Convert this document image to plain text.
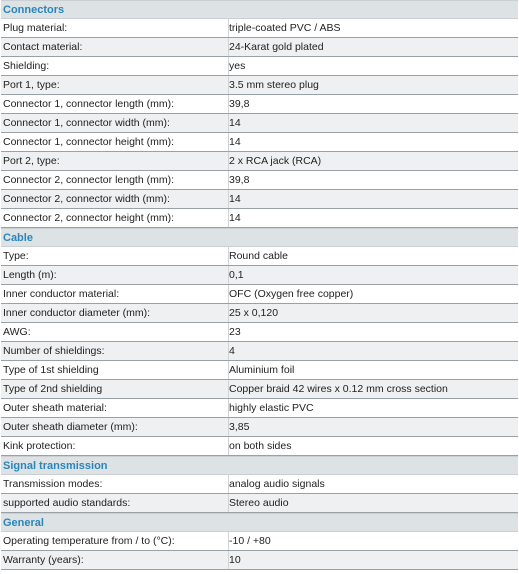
Connectors
Plug material:	triple-coated PVC / ABS
Contact material:	24-Karat gold plated
Shielding:	yes
Port 1, type:	3.5 mm stereo plug
Connector 1, connector length (mm):	39,8
Connector 1, connector width (mm):	14
Connector 1, connector height (mm):	14
Port 2, type:	2 x RCA jack (RCA)
Connector 2, connector length (mm):	39,8
Connector 2, connector width (mm):	14
Connector 2, connector height (mm):	14
Cable
Type:	Round cable
Length (m):	0,1
Inner conductor material:	OFC (Oxygen free copper)
Inner conductor diameter (mm):	25 x 0,120
AWG:	23
Number of shieldings:	4
Type of 1st shielding	Aluminium foil
Type of 2nd shielding	Copper braid 42 wires x 0.12 mm cross section
Outer sheath material:	highly elastic PVC
Outer sheath diameter (mm):	3,85
Kink protection:	on both sides
Signal transmission
Transmission modes:	analog audio signals
supported audio standards:	Stereo audio
General
Operating temperature from / to (°C):	-10 / +80
Warranty (years):	10
